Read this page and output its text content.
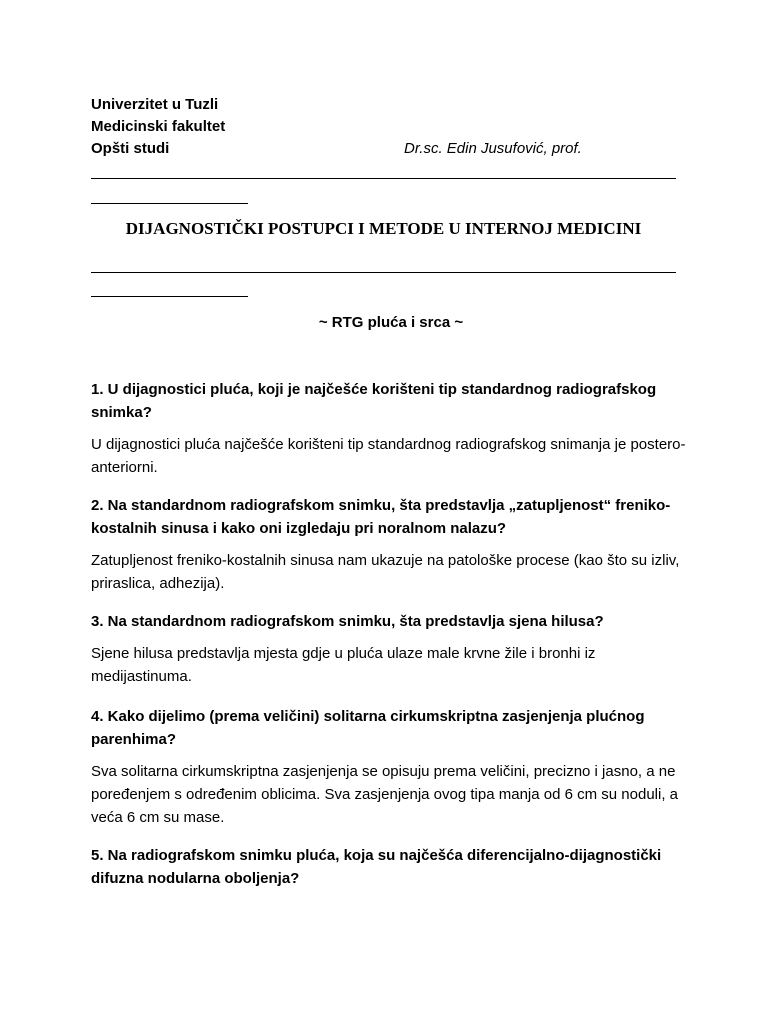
Univerzitet u Tuzli
Medicinski fakultet
Opšti studi	Dr.sc. Edin Jusufović, prof.
DIJAGNOSTIČKI POSTUPCI I METODE U INTERNOJ MEDICINI
~ RTG pluća i srca ~

1. U dijagnostici pluća, koji je najčešće korišteni tip standardnog radiografskog snimka?

U dijagnostici pluća najčešće korišteni tip standardnog radiografskog snimanja je postero-anteriorni.

2. Na standardnom radiografskom snimku, šta predstavlja „zatupljenost“ freniko-kostalnih sinusa i kako oni izgledaju pri noralnom nalazu?

Zatupljenost freniko-kostalnih sinusa nam ukazuje na patološke procese (kao što su izliv, priraslica, adhezija).

3. Na standardnom radiografskom snimku, šta predstavlja sjena hilusa?

Sjene hilusa predstavlja mjesta gdje u pluća ulaze male krvne žile i bronhi iz medijastinuma.

4. Kako dijelimo (prema veličini) solitarna cirkumskriptna zasjenjenja plućnog parenhima?

Sva solitarna cirkumskriptna zasjenjenja se opisuju prema veličini, precizno i jasno, a ne poređenjem s određenim oblicima. Sva zasjenjenja ovog tipa manja od 6 cm su noduli, a veća 6 cm su mase.

5. Na radiografskom snimku pluća, koja su najčešća diferencijalno-dijagnostički difuzna nodularna oboljenja?
